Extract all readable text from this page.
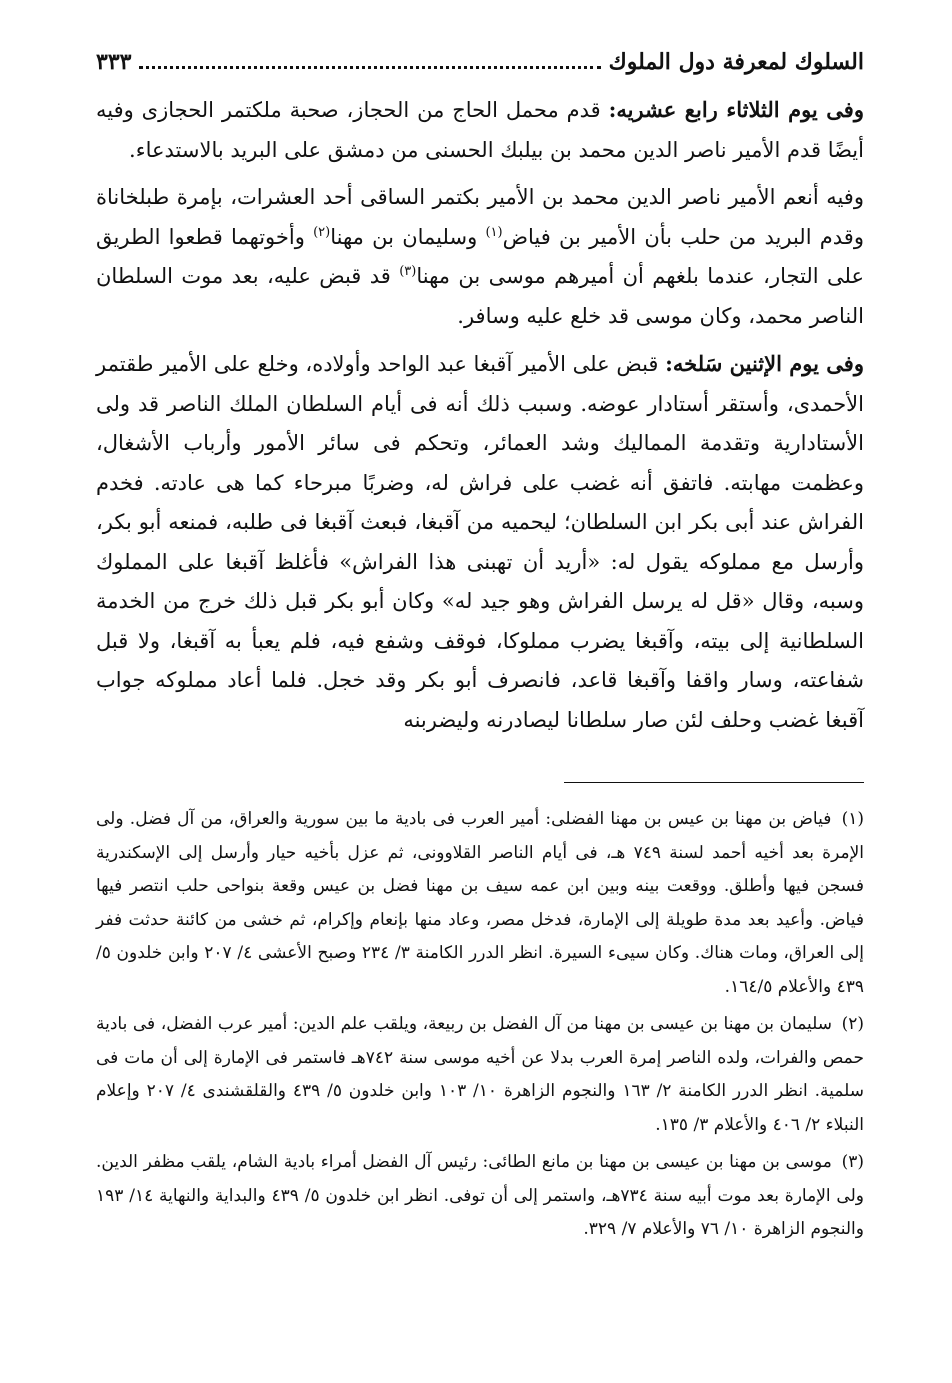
السلوك لمعرفة دول الملوك
٣٣٣

وفى يوم الثلاثاء رابع عشريه: قدم محمل الحاج من الحجاز، صحبة ملكتمر الحجازى وفيه أيضًا قدم الأمير ناصر الدين محمد بن بيلبك الحسنى من دمشق على البريد بالاستدعاء.

وفيه أنعم الأمير ناصر الدين محمد بن الأمير بكتمر الساقى أحد العشرات، بإمرة طبلخاناة وقدم البريد من حلب بأن الأمير بن فياض$^{(١)}$ وسليمان بن مهنا$^{(٢)}$ وأخوتهما قطعوا الطريق على التجار، عندما بلغهم أن أميرهم موسى بن مهنا$^{(٣)}$ قد قبض عليه، بعد موت السلطان الناصر محمد، وكان موسى قد خلع عليه وسافر.

وفى يوم الإثنين سَلخه: قبض على الأمير آقبغا عبد الواحد وأولاده، وخلع على الأمير طقتمر الأحمدى، وأستقر أستادار عوضه. وسبب ذلك أنه فى أيام السلطان الملك الناصر قد ولى الأستادارية وتقدمة المماليك وشد العمائر، وتحكم فى سائر الأمور وأرباب الأشغال، وعظمت مهابته. فاتفق أنه غضب على فراش له، وضربًا مبرحاء كما هى عادته. فخدم الفراش عند أبى بكر ابن السلطان؛ ليحميه من آقبغا، فبعث آقبغا فى طلبه، فمنعه أبو بكر، وأرسل مع مملوكه يقول له: «أريد أن تهبنى هذا الفراش» فأغلظ آقبغا على المملوك وسبه، وقال «قل له يرسل الفراش وهو جيد له» وكان أبو بكر قبل ذلك خرج من الخدمة السلطانية إلى بيته، وآقبغا يضرب مملوكا، فوقف وشفع فيه، فلم يعبأ به آقبغا، ولا قبل شفاعته، وسار واقفا وآقبغا قاعد، فانصرف أبو بكر وقد خجل. فلما أعاد مملوكه جواب آقبغا غضب وحلف لئن صار سلطانا ليصادرنه وليضربنه

(١) فياض بن مهنا بن عيس بن مهنا الفضلى: أمير العرب فى بادية ما بين سورية والعراق، من آل فضل. ولى الإمرة بعد أخيه أحمد لسنة ٧٤٩ هـ، فى أيام الناصر القلاوونى، ثم عزل بأخيه حيار وأرسل إلى الإسكندرية فسجن فيها وأطلق. ووقعت بينه وبين ابن عمه سيف بن مهنا فضل بن عيس وقعة بنواحى حلب انتصر فيها فياض. وأعيد بعد مدة طويلة إلى الإمارة، فدخل مصر، وعاد منها بإنعام وإكرام، ثم خشى من كائنة حدثت ففر إلى العراق، ومات هناك. وكان سيىء السيرة. انظر الدرر الكامنة ٣/ ٢٣٤ وصبح الأعشى ٤/ ٢٠٧ وابن خلدون ٥/ ٤٣٩ والأعلام ١٦٤/٥.

(٢) سليمان بن مهنا بن عيسى بن مهنا من آل الفضل بن ربيعة، ويلقب علم الدين: أمير عرب الفضل، فى بادية حمص والفرات، ولده الناصر إمرة العرب بدلا عن أخيه موسى سنة ٧٤٢هـ فاستمر فى الإمارة إلى أن مات فى سلمية. انظر الدرر الكامنة ٢/ ١٦٣ والنجوم الزاهرة ١٠/ ١٠٣ وابن خلدون ٥/ ٤٣٩ والقلقشندى ٤/ ٢٠٧ وإعلام النبلاء ٢/ ٤٠٦ والأعلام ٣/ ١٣٥.

(٣) موسى بن مهنا بن عيسى بن مهنا بن مانع الطائى: رئيس آل الفضل أمراء بادية الشام، يلقب مظفر الدين. ولى الإمارة بعد موت أبيه سنة ٧٣٤هـ، واستمر إلى أن توفى. انظر ابن خلدون ٥/ ٤٣٩ والبداية والنهاية ١٤/ ١٩٣ والنجوم الزاهرة ١٠/ ٧٦ والأعلام ٧/ ٣٢٩.
